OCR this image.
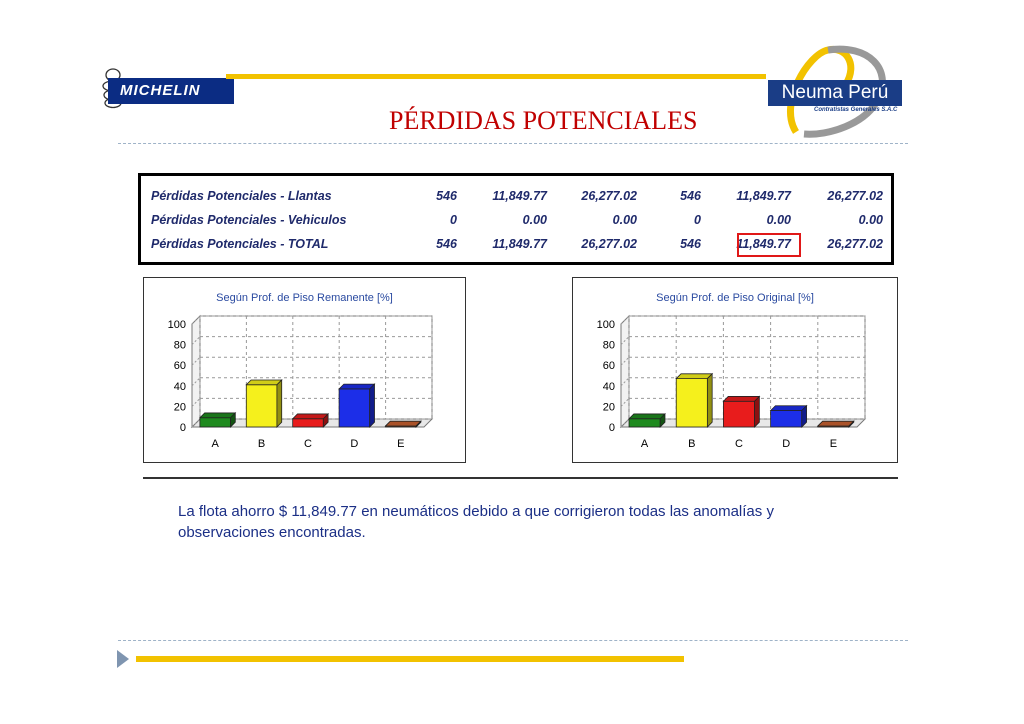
MICHELIN
PÉRDIDAS POTENCIALES
Neuma Perú
Contratistas Generales S.A.C
Pérdidas Potenciales - Llantas	546	11,849.77	26,277.02	546	11,849.77	26,277.02
Pérdidas Potenciales - Vehiculos	0	0.00	0.00	0	0.00	0.00
Pérdidas Potenciales - TOTAL	546	11,849.77	26,277.02	546	11,849.77	26,277.02
Según Prof. de Piso Remanente [%]
0
20
40
60
80
100
A	B	C	D	E
Según Prof. de Piso Original [%]
0
20
40
60
80
100
A	B	C	D	E
La flota ahorro $ 11,849.77 en neumáticos debido a que corrigieron todas las anomalías y observaciones encontradas.
